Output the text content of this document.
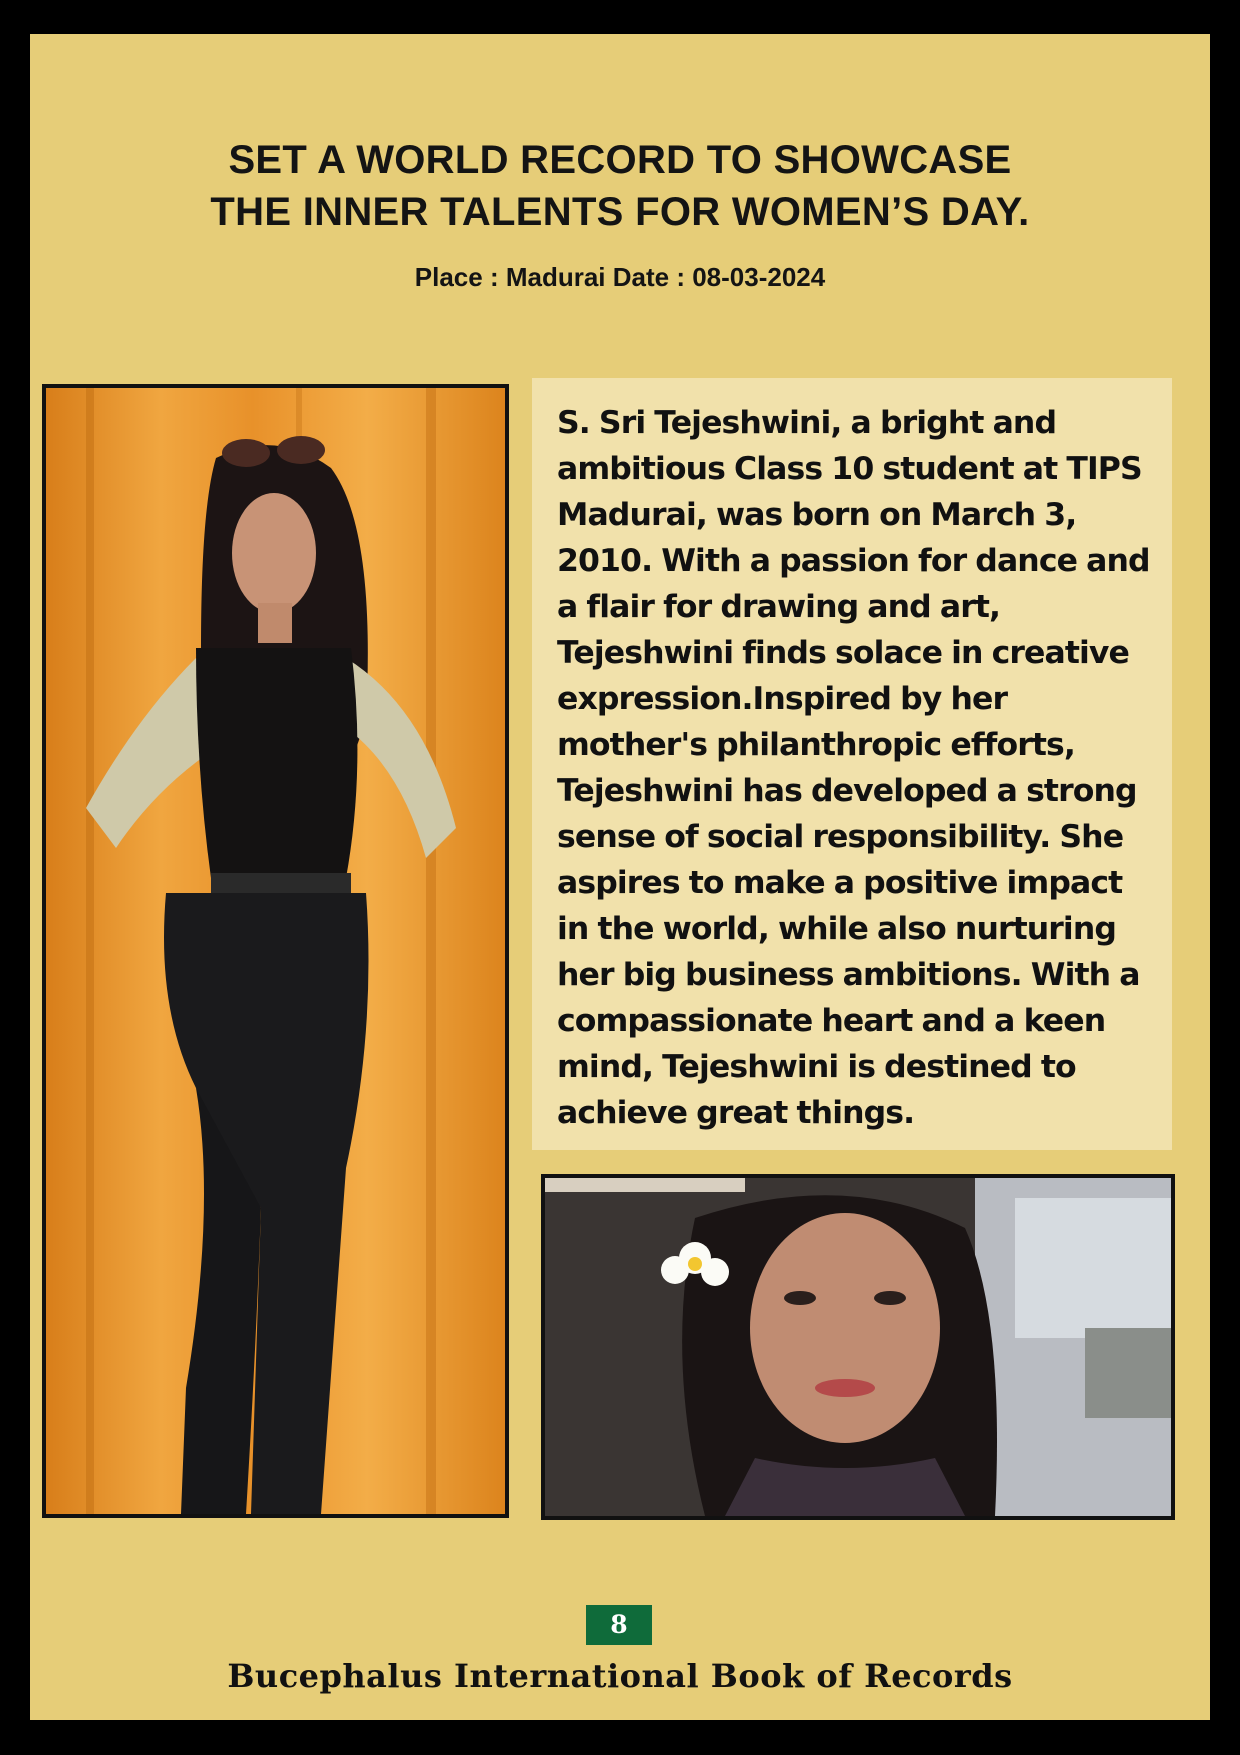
SET A WORLD RECORD TO SHOWCASE
THE INNER TALENTS FOR WOMEN’S DAY.
Place : Madurai Date : 08-03-2024
S. Sri Tejeshwini, a bright and ambitious Class 10 student at TIPS Madurai, was born on March 3, 2010. With a passion for dance and a flair for drawing and art, Tejeshwini finds solace in creative expression.Inspired by her mother's philanthropic efforts, Tejeshwini has developed a strong sense of social responsibility. She aspires to make a positive impact in the world, while also nurturing her big business ambitions. With a compassionate heart and a keen mind, Tejeshwini is destined to achieve great things.
8
Bucephalus International Book of Records
